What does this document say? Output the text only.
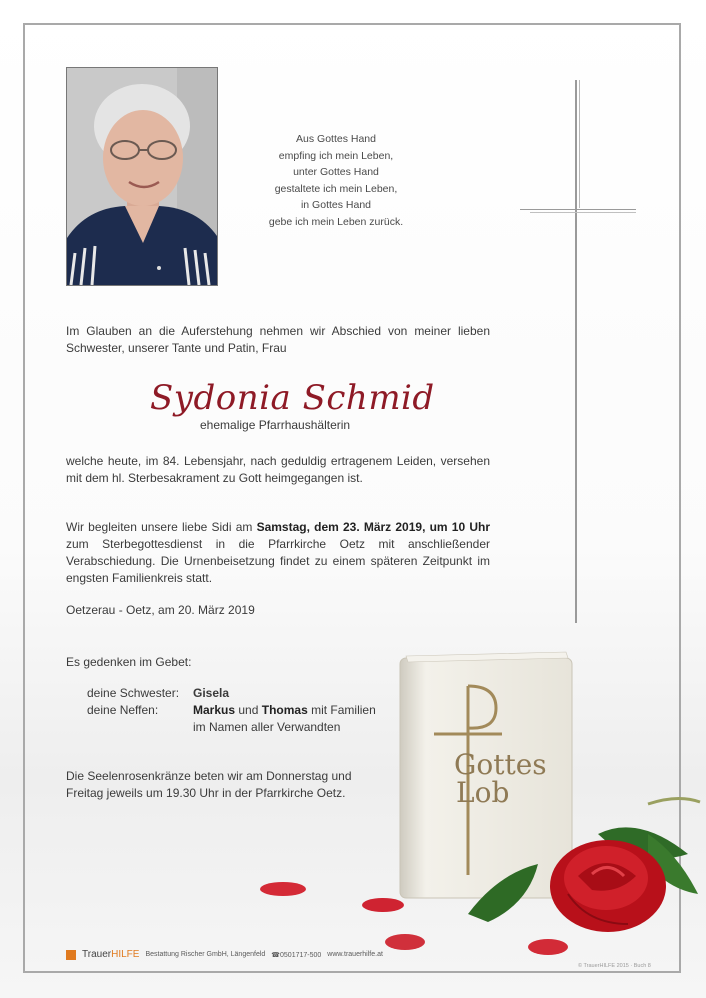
Aus Gottes Hand
empfing ich mein Leben,
unter Gottes Hand
gestaltete ich mein Leben,
in Gottes Hand
gebe ich mein Leben zurück.
Im Glauben an die Auferstehung nehmen wir Abschied von meiner lieben Schwester, unserer Tante und Patin, Frau
Sydonia Schmid
ehemalige Pfarrhaushälterin
welche heute, im 84. Lebensjahr, nach geduldig ertragenem Leiden, versehen mit dem hl. Sterbesakrament zu Gott heimgegangen ist.
Wir begleiten unsere liebe Sidi am Samstag, dem 23. März 2019, um 10 Uhr zum Sterbegottesdienst in die Pfarrkirche Oetz mit anschließender Verabschiedung. Die Urnenbeisetzung findet zu einem späteren Zeitpunkt im engsten Familienkreis statt.
Oetzerau - Oetz, am 20. März 2019
Es gedenken im Gebet:
deine Schwester: Gisela
deine Neffen:	Markus und Thomas mit Familien
im Namen aller Verwandten
Die Seelenrosenkränze beten wir am Donnerstag und Freitag jeweils um 19.30 Uhr in der Pfarrkirche Oetz.
Gottes
Lob
TrauerHILFE Bestattung Rischer GmbH, Längenfeld ☎0501717-500 www.trauerhilfe.at
© TrauerHILFE 2015 · Buch 8
